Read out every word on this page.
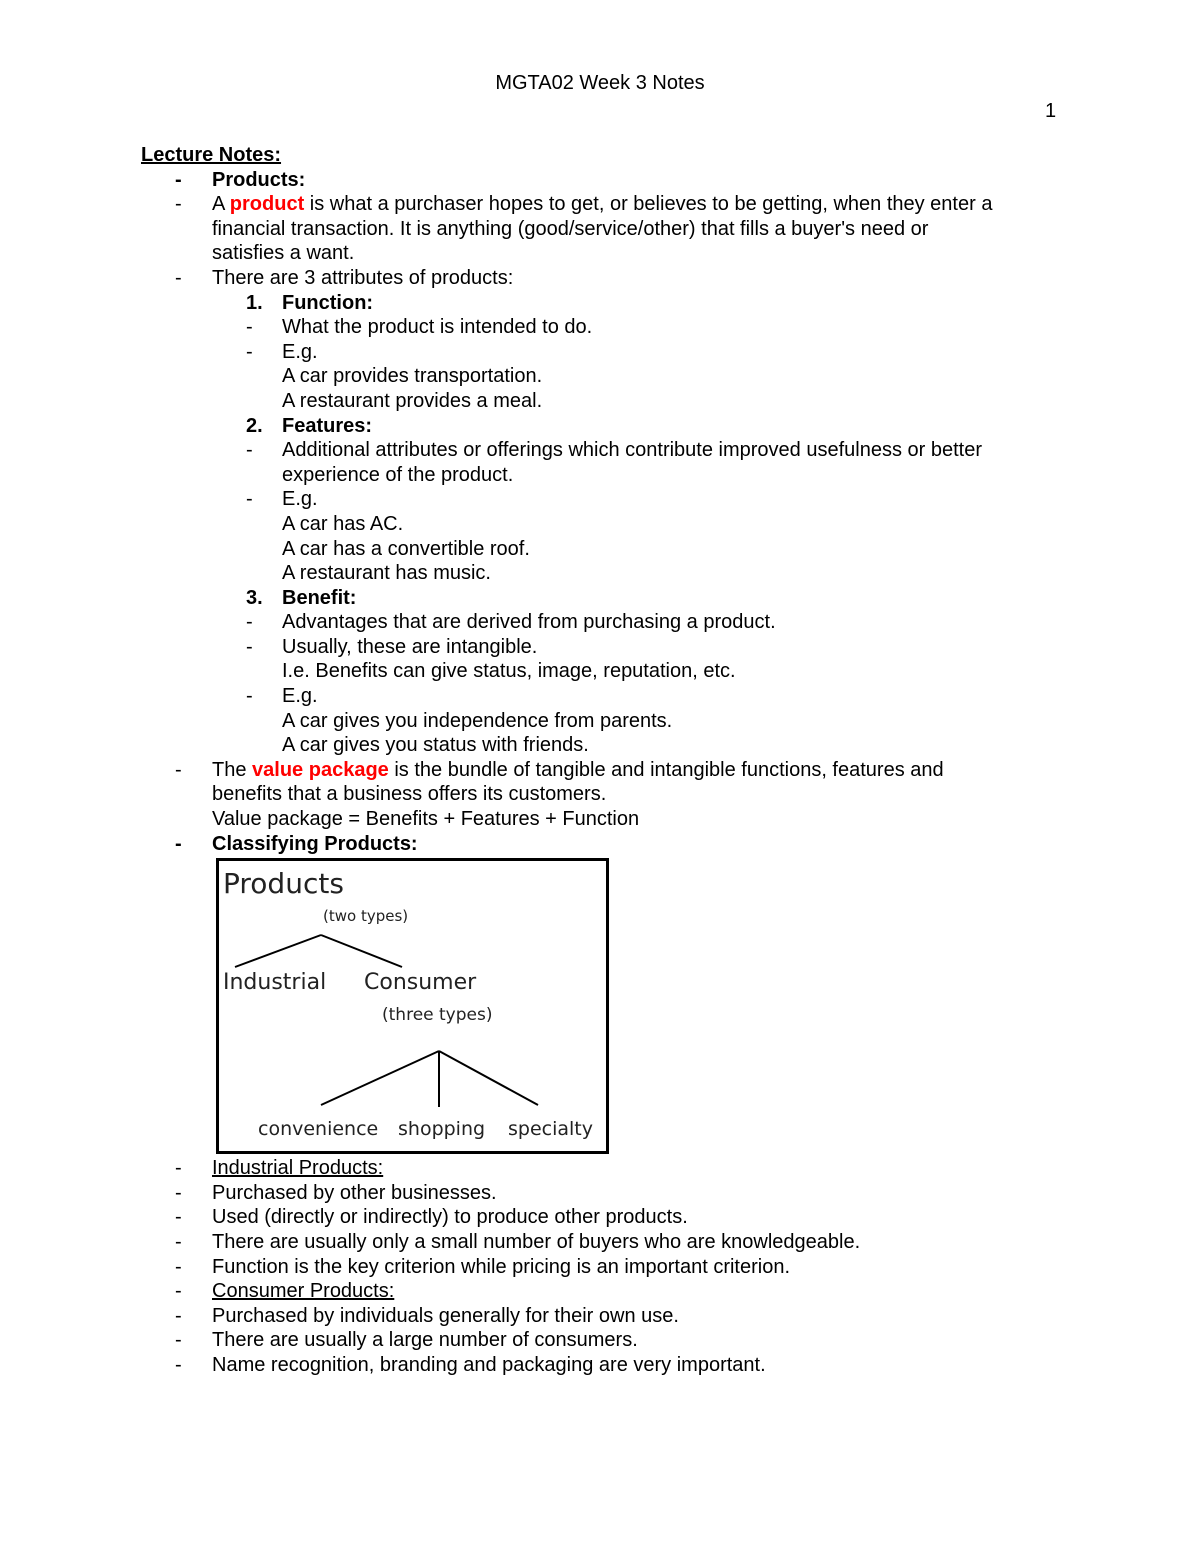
MGTA02 Week 3 Notes
1
Lecture Notes:
- Products:
- A product is what a purchaser hopes to get, or believes to be getting, when they enter a
financial transaction. It is anything (good/service/other) that fills a buyer's need or
satisfies a want.
- There are 3 attributes of products:
1. Function:
- What the product is intended to do.
- E.g.
A car provides transportation.
A restaurant provides a meal.
2. Features:
- Additional attributes or offerings which contribute improved usefulness or better
experience of the product.
- E.g.
A car has AC.
A car has a convertible roof.
A restaurant has music.
3. Benefit:
- Advantages that are derived from purchasing a product.
- Usually, these are intangible.
I.e. Benefits can give status, image, reputation, etc.
- E.g.
A car gives you independence from parents.
A car gives you status with friends.
- The value package is the bundle of tangible and intangible functions, features and
benefits that a business offers its customers.
Value package = Benefits + Features + Function
- Classifying Products:
Products
(two types)
Industrial Consumer
(three types)
convenience shopping specialty
- Industrial Products:
- Purchased by other businesses.
- Used (directly or indirectly) to produce other products.
- There are usually only a small number of buyers who are knowledgeable.
- Function is the key criterion while pricing is an important criterion.
- Consumer Products:
- Purchased by individuals generally for their own use.
- There are usually a large number of consumers.
- Name recognition, branding and packaging are very important.
